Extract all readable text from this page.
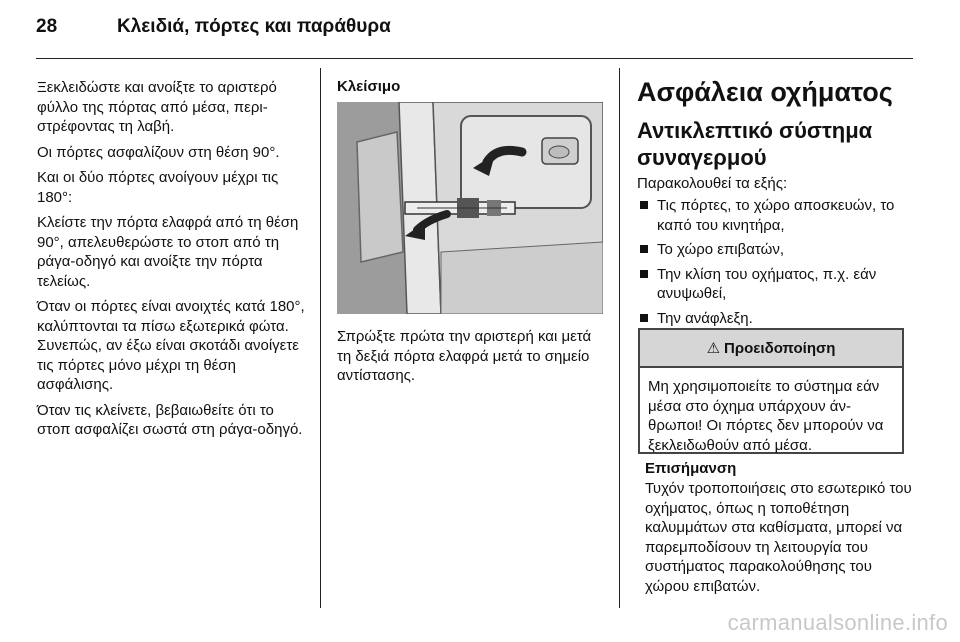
28	Κλειδιά, πόρτες και παράθυρα

Ξεκλειδώστε και ανοίξτε το αριστερό φύλλο της πόρτας από μέσα, περιστρέφοντας τη λαβή.

Οι πόρτες ασφαλίζουν στη θέση 90°.

Και οι δύο πόρτες ανοίγουν μέχρι τις 180°:

Κλείστε την πόρτα ελαφρά από τη θέση 90°, απελευθερώστε το στοπ από τη ράγα-οδηγό και ανοίξτε την πόρτα τελείως.

Όταν οι πόρτες είναι ανοιχτές κατά 180°, καλύπτονται τα πίσω εξωτερικά φώτα. Συνεπώς, αν έξω είναι σκοτάδι ανοίγετε τις πόρτες μόνο μέχρι τη θέση ασφάλισης.

Όταν τις κλείνετε, βεβαιωθείτε ότι το στοπ ασφαλίζει σωστά στη ράγα-οδηγό.

Κλείσιμο
Σπρώξτε πρώτα την αριστερή και μετά τη δεξιά πόρτα ελαφρά μετά το σημείο αντίστασης.
Ασφάλεια οχήματος
Αντικλεπτικό σύστημα συναγερμού
Παρακολουθεί τα εξής:
Τις πόρτες, το χώρο αποσκευών, το καπό του κινητήρα,
Το χώρο επιβατών,
Την κλίση του οχήματος, π.χ. εάν ανυψωθεί,
Την ανάφλεξη.
⚠ Προειδοποίηση
Μη χρησιμοποιείτε το σύστημα εάν μέσα στο όχημα υπάρχουν άνθρωποι! Οι πόρτες δεν μπορούν να ξεκλειδωθούν από μέσα.
Επισήμανση
Τυχόν τροποποιήσεις στο εσωτερικό του οχήματος, όπως η τοποθέτηση καλυμμάτων στα καθίσματα, μπορεί να παρεμποδίσουν τη λειτουργία του συστήματος παρακολούθησης του χώρου επιβατών.
carmanualsonline.info
